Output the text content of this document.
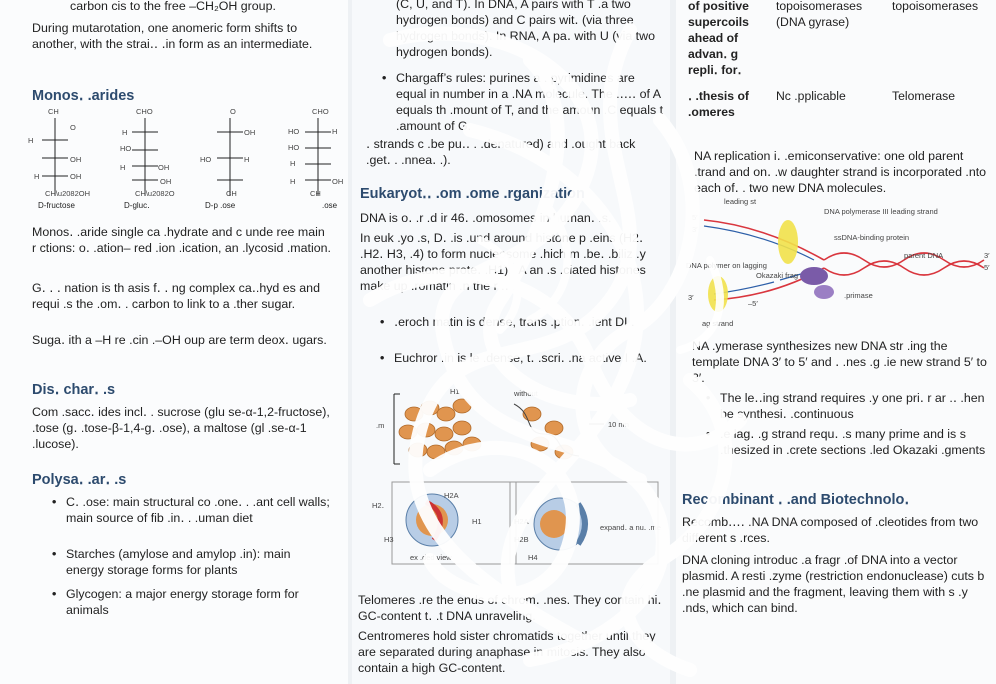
carbon cis to the free –CH₂OH group.

During mutarotation, one anomeric form shifts to another, with the strai․․ ․in form as an intermediate.

Monos․ .arides

CH
O
H
OH
H	OH
CH\u2082OH
CHO
H
HO
H	OH
OH
CH\u2082O
O
OH
HO	H
CH
CHO
HO	H
HO
H
H	OH
CH
D-fructose	D-gluc․	D-p .ose	.ose

Monos․ .aride single ca .hydrate and c unde ree main r ctions: o․ .ation– red .ion .ication, an .lycosid .mation.

G․ ․ ․ nation is th asis f․ ․ ng complex ca․.hyd es and requi .s the .om․ . carbon to link to a .ther sugar.

Suga․ ith a –H re .cin .–OH oup are term deox․ ugars.

Dis․ char․ .s

Com .sacc․ ides incl․ . sucrose (glu se-α-1,2-fructose), .tose (g․ .tose-β-1,4-g․ .ose), a maltose (gl .se-α-1 .lucose).

Polysa․ .ar․ .s

• C․ .ose: main structural co .one․ . .ant cell walls; main source of fib .in․ . .uman diet
• Starches (amylose and amylop .in): main energy storage forms for plants
• Glycogen: a major energy storage form for animals

(C, U, and T). In DNA, A pairs with T .a two hydrogen bonds) and C pairs wit․ (via three hydrogen bonds). In RNA, A pa․ with U (via two hydrogen bonds).

• Chargaff’s rules: purines a . pyrimidines are equal in number in a .NA molecule. The .․․․․ of A equals th .mount of T, and the amoun .C equals t .amount of G.

․ strands c .be pu․․ . .denatured) and .ought back .get․ . .nnea․ .).

Eukaryot․․ .om .ome .rganization

DNA is o․ .r .d ir 46․ .omosomes in human․ .s.

In euk .yo .s, D․ .is .und around histone p .eins (H2․ .H2․ H3, .4) to form nucleosome .hich m .be․ .biliz .y another histone prote․ .H1). .A an .s .ciated histones make up .romatin .n the r .․ .

• ․eroch matin is dense, trans .ption․ .ient DI .
• Euchror .in is le .dense, t․ .scri․ .na active I .A.
H1	without
10 nm
.m
H2A
H2․
H3
H1	H2A
H2B
H4
ex .ded view
expand․ a nu․ .me

Telomeres .re the ends of chrom․ .nes. They contain hi․ GC-content t․ .t DNA unraveling.

Centromeres hold sister chromatids together until they are separated during anaphase in mitosis. They also contain a high GC-content.

of positive supercoils ahead of advan․ g repli․ for․	topoisomerases (DNA gyrase)	topoisomerases
․ .thesis of .omeres	Nc .pplicable	Telomerase

NA replication i․ .emiconservative: one old parent .trand and on․ .w daughter strand is incorporated .nto each of․ . two new DNA molecules.

leading st
DNA polymerase III leading strand
ssDNA-binding protein
parent DNA
.primase
Okazaki frag
DNA polymer on lagging
ag strand
5′
3′
5′
3′
–5′
3′

NA .ymerase synthesizes new DNA str .ing the template DNA 3′ to 5′ and ․ .nes .g .ie new strand 5′ to 3′.

• The le․․ing strand requires .y one pri․ r ar .․ .hen be synthesi․ .continuous
• .e lag․ .g strand requ․ .s many prime and is s .thesized in .crete sections .led Okazaki .gments

Recombinant ․ .and Biotechnolo․

Recomb․․․․ .NA DNA composed of .cleotides from two different s .rces.

DNA cloning introduc .a fragr .of DNA into a vector plasmid. A resti .zyme (restriction endonuclease) cuts b .ne plasmid and the fragment, leaving them with s .y .nds, which can bind.
